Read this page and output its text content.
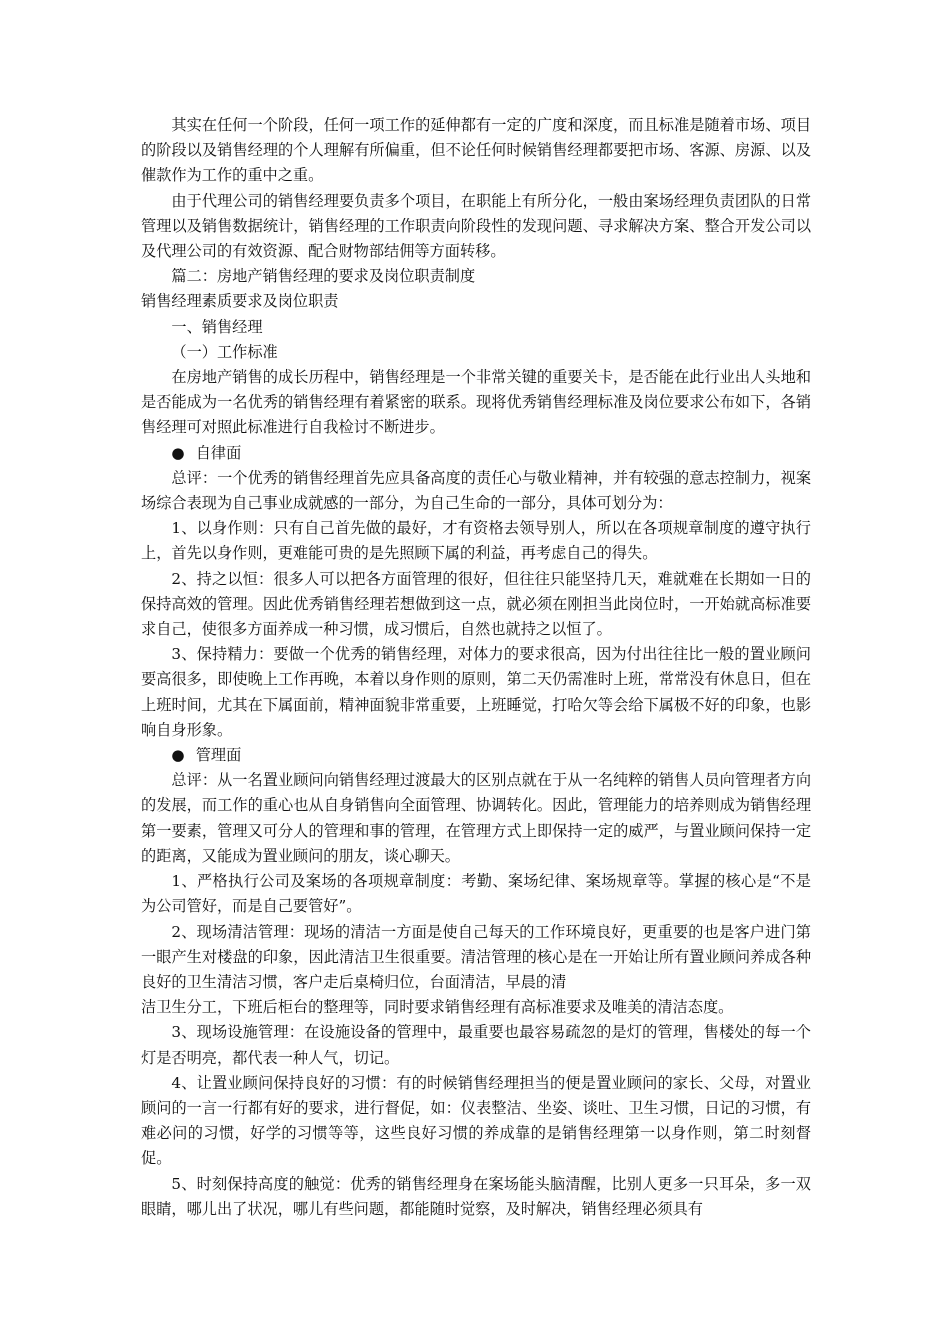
其实在任何一个阶段，任何一项工作的延伸都有一定的广度和深度，而且标准是随着市场、项目的阶段以及销售经理的个人理解有所偏重，但不论任何时候销售经理都要把市场、客源、房源、以及催款作为工作的重中之重。

由于代理公司的销售经理要负责多个项目，在职能上有所分化，一般由案场经理负责团队的日常管理以及销售数据统计，销售经理的工作职责向阶段性的发现问题、寻求解决方案、整合开发公司以及代理公司的有效资源、配合财物部结佣等方面转移。

篇二：房地产销售经理的要求及岗位职责制度

销售经理素质要求及岗位职责

一、销售经理

（一）工作标准

在房地产销售的成长历程中，销售经理是一个非常关键的重要关卡，是否能在此行业出人头地和是否能成为一名优秀的销售经理有着紧密的联系。现将优秀销售经理标准及岗位要求公布如下，各销售经理可对照此标准进行自我检讨不断进步。

● 自律面

总评：一个优秀的销售经理首先应具备高度的责任心与敬业精神，并有较强的意志控制力，视案场综合表现为自己事业成就感的一部分，为自己生命的一部分，具体可划分为：

1、以身作则：只有自己首先做的最好，才有资格去领导别人，所以在各项规章制度的遵守执行上，首先以身作则，更难能可贵的是先照顾下属的利益，再考虑自己的得失。

2、持之以恒：很多人可以把各方面管理的很好，但往往只能坚持几天，难就难在长期如一日的保持高效的管理。因此优秀销售经理若想做到这一点，就必须在刚担当此岗位时，一开始就高标准要求自己，使很多方面养成一种习惯，成习惯后，自然也就持之以恒了。

3、保持精力：要做一个优秀的销售经理，对体力的要求很高，因为付出往往比一般的置业顾问要高很多，即使晚上工作再晚，本着以身作则的原则，第二天仍需准时上班，常常没有休息日，但在上班时间，尤其在下属面前，精神面貌非常重要，上班睡觉，打哈欠等会给下属极不好的印象，也影响自身形象。

● 管理面

总评：从一名置业顾问向销售经理过渡最大的区别点就在于从一名纯粹的销售人员向管理者方向的发展，而工作的重心也从自身销售向全面管理、协调转化。因此，管理能力的培养则成为销售经理第一要素，管理又可分人的管理和事的管理，在管理方式上即保持一定的威严，与置业顾问保持一定的距离，又能成为置业顾问的朋友，谈心聊天。

1、严格执行公司及案场的各项规章制度：考勤、案场纪律、案场规章等。掌握的核心是“不是为公司管好，而是自己要管好”。

2、现场清洁管理：现场的清洁一方面是使自己每天的工作环境良好，更重要的也是客户进门第一眼产生对楼盘的印象，因此清洁卫生很重要。清洁管理的核心是在一开始让所有置业顾问养成各种良好的卫生清洁习惯，客户走后桌椅归位，台面清洁，早晨的清

洁卫生分工，下班后柜台的整理等，同时要求销售经理有高标准要求及唯美的清洁态度。

3、现场设施管理：在设施设备的管理中，最重要也最容易疏忽的是灯的管理，售楼处的每一个灯是否明亮，都代表一种人气，切记。

4、让置业顾问保持良好的习惯：有的时候销售经理担当的便是置业顾问的家长、父母，对置业顾问的一言一行都有好的要求，进行督促，如：仪表整洁、坐姿、谈吐、卫生习惯，日记的习惯，有难必问的习惯，好学的习惯等等，这些良好习惯的养成靠的是销售经理第一以身作则，第二时刻督促。

5、时刻保持高度的触觉：优秀的销售经理身在案场能头脑清醒，比别人更多一只耳朵，多一双眼睛，哪儿出了状况，哪儿有些问题，都能随时觉察，及时解决，销售经理必须具有
